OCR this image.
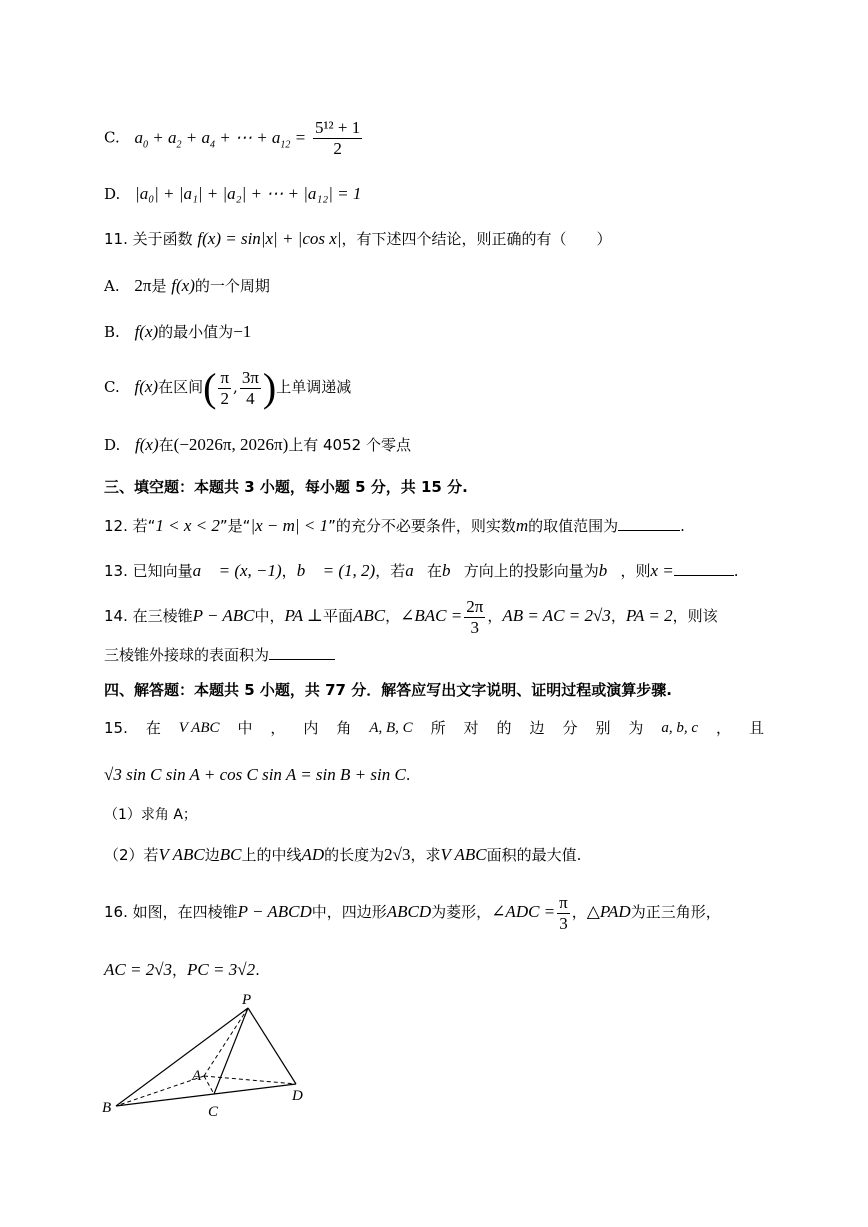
C. $a_0 + a_2 + a_4$ + ⋯ + $a_{12} = \frac{\text{5¹² + 1}}{2}$
D. |a₀| + |a₁| + |a₂| + ⋯ + |a₁₂| = 1
11. 关于函数 f(x) = sin|x| + |cos x|，有下述四个结论，则正确的有（　　）
A. 2π是 f(x)的一个周期
B. f(x)的最小值为−1
C. f(x)在区间( $\frac{\pi}{2}$ , $\frac{3\pi}{4}$ )上单调递减
D. f(x)在(−2026π, 2026π)上有 4052 个零点
三、填空题：本题共 3 小题，每小题 5 分，共 15 分.
12. 若“1 < x < 2”是“|x − m| < 1”的充分不必要条件，则实数m的取值范围为	.
13. 已知向量a⃗ = (x, −1)，b⃗ = (1, 2)，若a⃗在b⃗方向上的投影向量为b⃗，则x =	.
14. 在三棱锥P − ABC中，PA ⊥平面ABC，∠BAC = $\frac{2\pi}{3}$ ，AB = AC = 2√3，PA = 2，则该
三棱锥外接球的表面积为
四、解答题：本题共 5 小题，共 77 分．解答应写出文字说明、证明过程或演算步骤.
15. 在 V ABC 中 ， 内 角 A, B, C 所 对 的 边 分 别 为 a, b, c ， 且
√3 sin C sin A + cos C sin A = sin B + sin C.
（1）求角 A；
（2）若V ABC边BC上的中线AD的长度为2√3，求V ABC面积的最大值.
16. 如图，在四棱锥P − ABCD中，四边形ABCD为菱形，∠ADC = $\frac{\pi}{3}$ ，△PAD为正三角形，
AC = 2√3，PC = 3√2.
P
A
B	C
D
